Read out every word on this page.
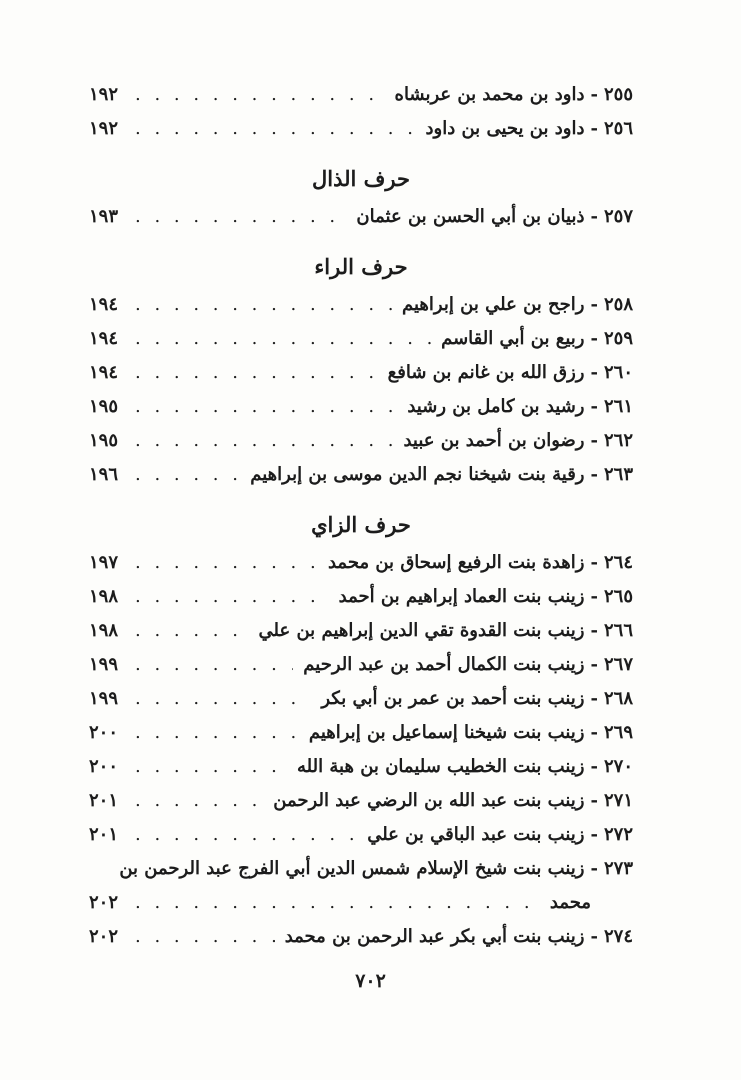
٢٥٥
-
داود بن محمد بن عربشاه
. . .
١٩٢
٢٥٦
-
داود بن يحيى بن داود
. . .
١٩٢
حرف الذال
٢٥٧
-
ذبيان بن أبي الحسن بن عثمان
. . .
١٩٣
حرف الراء
٢٥٨
-
راجح بن علي بن إبراهيم
. . .
١٩٤
٢٥٩
-
ربيع بن أبي القاسم
. . .
١٩٤
٢٦٠
-
رزق الله بن غانم بن شافع
. . .
١٩٤
٢٦١
-
رشيد بن كامل بن رشيد
. . .
١٩٥
٢٦٢
-
رضوان بن أحمد بن عبيد
. . .
١٩٥
٢٦٣
-
رقية بنت شيخنا نجم الدين موسى بن إبراهيم
. . .
١٩٦
حرف الزاي
٢٦٤
-
زاهدة بنت الرفيع إسحاق بن محمد
. . .
١٩٧
٢٦٥
-
زينب بنت العماد إبراهيم بن أحمد
. . .
١٩٨
٢٦٦
-
زينب بنت القدوة تقي الدين إبراهيم بن علي
. . .
١٩٨
٢٦٧
-
زينب بنت الكمال أحمد بن عبد الرحيم
. . .
١٩٩
٢٦٨
-
زينب بنت أحمد بن عمر بن أبي بكر
. . .
١٩٩
٢٦٩
-
زينب بنت شيخنا إسماعيل بن إبراهيم
. . .
٢٠٠
٢٧٠
-
زينب بنت الخطيب سليمان بن هبة الله
. . .
٢٠٠
٢٧١
-
زينب بنت عبد الله بن الرضي عبد الرحمن
. . .
٢٠١
٢٧٢
-
زينب بنت عبد الباقي بن علي
. . .
٢٠١
٢٧٣
-
زينب بنت شيخ الإسلام شمس الدين أبي الفرج عبد الرحمن بن
محمد
. . .
٢٠٢
٢٧٤
-
زينب بنت أبي بكر عبد الرحمن بن محمد
. . .
٢٠٢
٧٠٢
